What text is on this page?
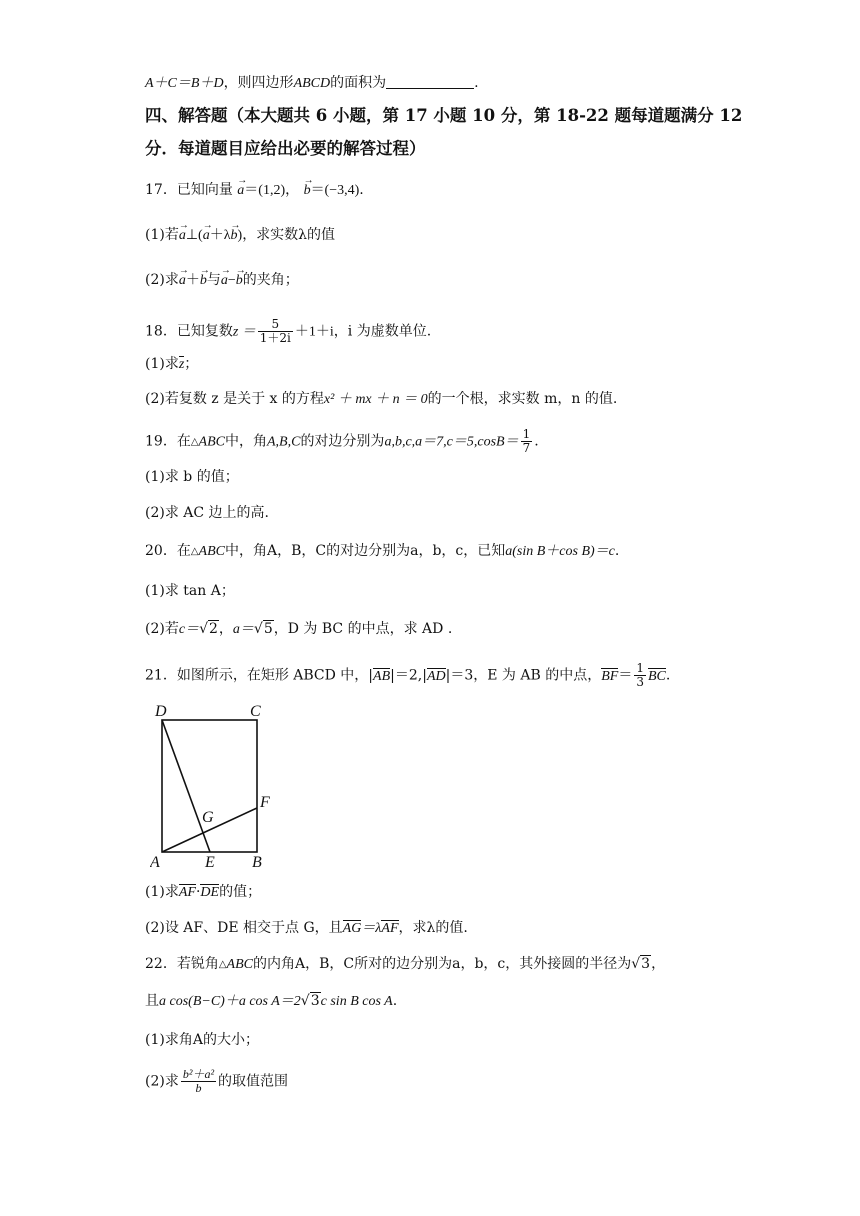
A＋C＝B＋D，则四边形ABCD的面积为	.
四、解答题（本大题共 6 小题，第 17 小题 10 分，第 18-22 题每道题满分 12
分．每道题目应给出必要的解答过程）
17．已知向量 → a＝(1,2)， → b＝(−3,4).
(1)若→ a⊥(→ a＋λ→ b)，求实数λ的值
(2)求→ a＋→ b与→ a−→ b的夹角；
18．已知复数$z = \frac{5}{1+2i} +1+i$，i 为虚数单位.
(1)求z；
(2)若复数 z 是关于 x 的方程x² ＋ mx ＋ n ＝ 0的一个根，求实数 m，n 的值.
19．在△ABC中，角A,B,C的对边分别为$a,b,c,a=7,c=5,\cos B= \frac{1}{7}$ .
(1)求 b 的值；
(2)求 AC 边上的高.
20．在△ABC中，角A，B，C的对边分别为a，b，c，已知a(sin B＋cos B)＝c.
(1)求 tan A；
(2)若c＝√2，a＝√5，D 为 BC 的中点，求 AD .
21．如图所示，在矩形 ABCD 中，|AB|＝2,|AD|＝3，E 为 AB 的中点，$BF= \frac{1}{3}$ BC.
D	C
A	E B
F
G
(1)求AF·DE的值；
(2)设 AF、DE 相交于点 G，且AG＝λAF，求λ的值.
22．若锐角△ABC的内角A，B，C所对的边分别为a，b，c，其外接圆的半径为√3，
且a cos(B−C)＋a cos A＝2√3c sin B cos A.
(1)求角A的大小；
(2)求 $\frac{\text{b²＋a²}}{b}$ 的取值范围
